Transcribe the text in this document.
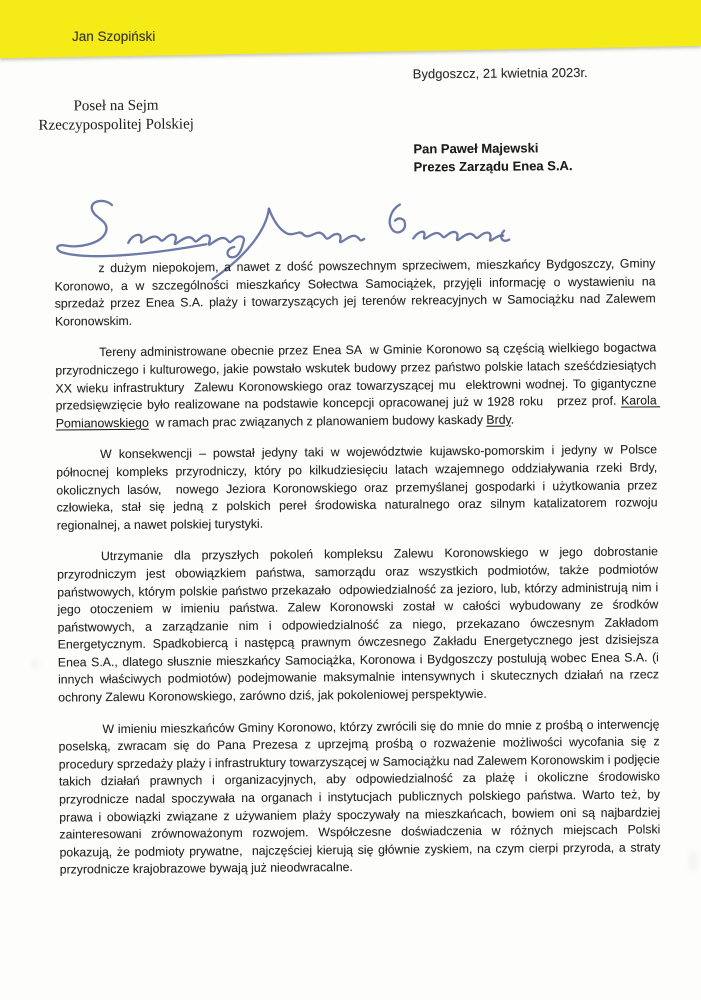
Jan Szopiński
Bydgoszcz, 21 kwietnia 2023r.
Poseł na Sejm
Rzeczypospolitej Polskiej
Pan Paweł Majewski
Prezes Zarządu Enea S.A.

z dużym niepokojem, a nawet z dość powszechnym sprzeciwem, mieszkańcy Bydgoszczy, Gminy Koronowo, a w szczególności mieszkańcy Sołectwa Samociążek, przyjęli informację o wystawieniu na sprzedaż przez Enea S.A. plaży i towarzyszących jej terenów rekreacyjnych w Samociążku nad Zalewem Koronowskim.

Tereny administrowane obecnie przez Enea SA  w Gminie Koronowo są częścią wielkiego bogactwa przyrodniczego i kulturowego, jakie powstało wskutek budowy przez państwo polskie latach sześćdziesiątych XX wieku infrastruktury  Zalewu Koronowskiego oraz towarzyszącej mu  elektrowni wodnej. To gigantyczne przedsięwzięcie było realizowane na podstawie koncepcji opracowanej już w 1928 roku   przez prof. Karola Pomianowskiego  w ramach prac związanych z planowaniem budowy kaskady Brdy.

W konsekwencji – powstał jedyny taki w województwie kujawsko-pomorskim i jedyny w Polsce północnej kompleks przyrodniczy, który po kilkudziesięciu latach wzajemnego oddziaływania rzeki Brdy, okolicznych lasów,  nowego Jeziora Koronowskiego oraz przemyślanej gospodarki i użytkowania przez człowieka, stał się jedną z polskich pereł środowiska naturalnego oraz silnym katalizatorem rozwoju regionalnej, a nawet polskiej turystyki.

Utrzymanie dla przyszłych pokoleń kompleksu Zalewu Koronowskiego w jego dobrostanie przyrodniczym jest obowiązkiem państwa, samorządu oraz wszystkich podmiotów, także podmiotów państwowych, którym polskie państwo przekazało  odpowiedzialność za jezioro, lub, którzy administrują nim i jego otoczeniem w imieniu państwa. Zalew Koronowski został w całości wybudowany ze środków państwowych, a zarządzanie nim i odpowiedzialność za niego, przekazano ówczesnym Zakładom Energetycznym. Spadkobiercą i następcą prawnym ówczesnego Zakładu Energetycznego jest dzisiejsza Enea S.A., dlatego słusznie mieszkańcy Samociążka, Koronowa i Bydgoszczy postulują wobec Enea S.A. (i innych właściwych podmiotów) podejmowanie maksymalnie intensywnych i skutecznych działań na rzecz ochrony Zalewu Koronowskiego, zarówno dziś, jak pokoleniowej perspektywie.

W imieniu mieszkańców Gminy Koronowo, którzy zwrócili się do mnie do mnie z prośbą o interwencję poselską, zwracam się do Pana Prezesa z uprzejmą prośbą o rozważenie możliwości wycofania się z procedury sprzedaży plaży i infrastruktury towarzyszącej w Samociążku nad Zalewem Koronowskim i podjęcie takich działań prawnych i organizacyjnych, aby odpowiedzialność za plażę i okoliczne środowisko przyrodnicze nadal spoczywała na organach i instytucjach publicznych polskiego państwa. Warto też, by prawa i obowiązki związane z używaniem plaży spoczywały na mieszkańcach, bowiem oni są najbardziej zainteresowani zrównoważonym rozwojem. Współczesne doświadczenia w różnych miejscach Polski pokazują, że podmioty prywatne,  najczęściej kierują się głównie zyskiem, na czym cierpi przyroda, a straty przyrodnicze krajobrazowe bywają już nieodwracalne.
